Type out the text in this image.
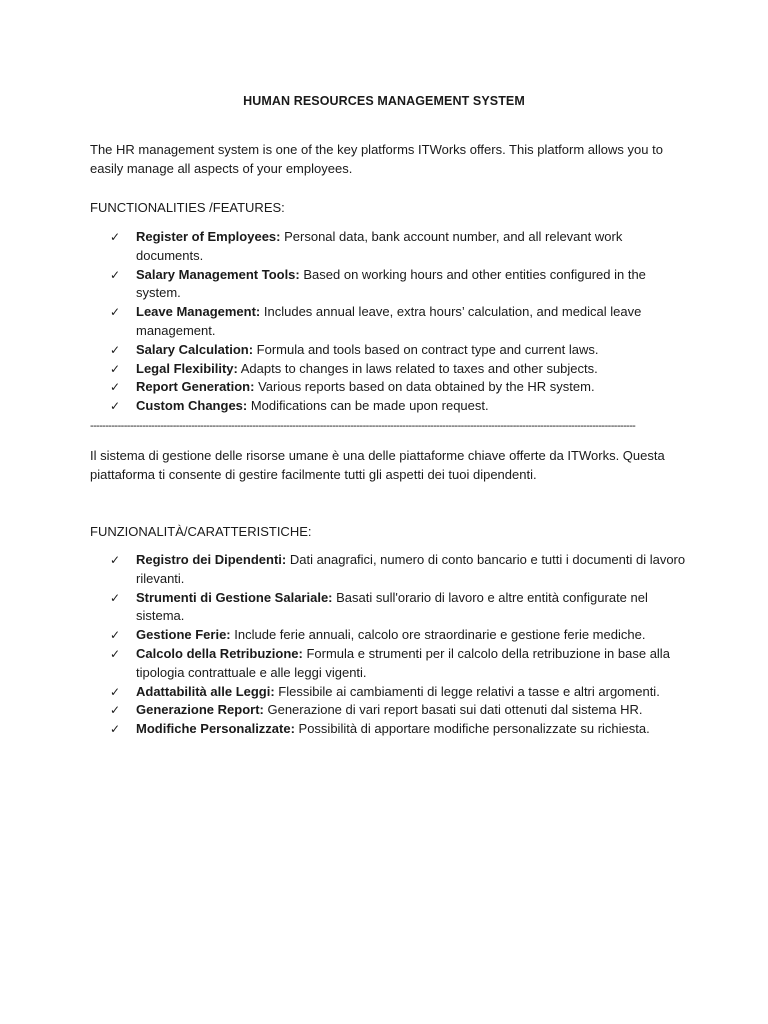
HUMAN RESOURCES MANAGEMENT SYSTEM

The HR management system is one of the key platforms ITWorks offers. This platform allows you to easily manage all aspects of your employees.

FUNCTIONALITIES /FEATURES:
✓ Register of Employees: Personal data, bank account number, and all relevant work documents.
✓ Salary Management Tools: Based on working hours and other entities configured in the system.
✓ Leave Management: Includes annual leave, extra hours’ calculation, and medical leave management.
✓ Salary Calculation: Formula and tools based on contract type and current laws.
✓ Legal Flexibility: Adapts to changes in laws related to taxes and other subjects.
✓ Report Generation: Various reports based on data obtained by the HR system.
✓ Custom Changes: Modifications can be made upon request.
----------------------------------------------------------------------------------------------------------------------------------------------------------------------------------

Il sistema di gestione delle risorse umane è una delle piattaforme chiave offerte da ITWorks. Questa piattaforma ti consente di gestire facilmente tutti gli aspetti dei tuoi dipendenti.

FUNZIONALITÀ/CARATTERISTICHE:
✓ Registro dei Dipendenti: Dati anagrafici, numero di conto bancario e tutti i documenti di lavoro rilevanti.
✓ Strumenti di Gestione Salariale: Basati sull'orario di lavoro e altre entità configurate nel sistema.
✓ Gestione Ferie: Include ferie annuali, calcolo ore straordinarie e gestione ferie mediche.
✓ Calcolo della Retribuzione: Formula e strumenti per il calcolo della retribuzione in base alla tipologia contrattuale e alle leggi vigenti.
✓ Adattabilità alle Leggi: Flessibile ai cambiamenti di legge relativi a tasse e altri argomenti.
✓ Generazione Report: Generazione di vari report basati sui dati ottenuti dal sistema HR.
✓ Modifiche Personalizzate: Possibilità di apportare modifiche personalizzate su richiesta.
